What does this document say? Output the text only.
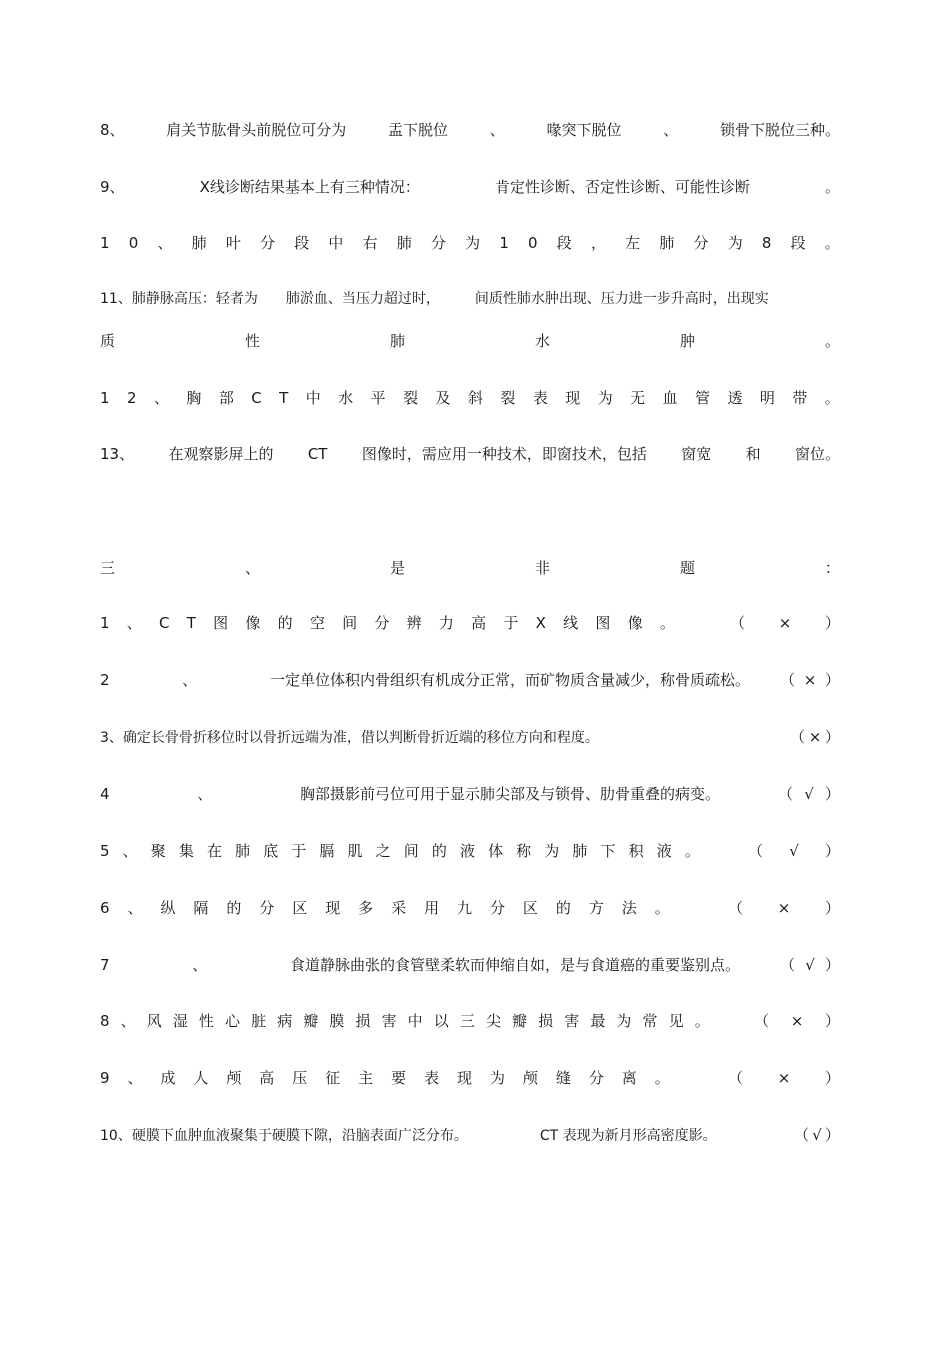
8、	肩关节肱骨头前脱位可分为	盂下脱位	、	喙突下脱位	、	锁骨下脱位三种。
9、	X线诊断结果基本上有三种情况：	肯定性诊断、否定性诊断、可能性诊断	。
1 0 、 肺 叶 分 段 中 右 肺 分 为 1 0 段 ， 左 肺 分 为 8 段 。
11、肺静脉高压：轻者为　　肺淤血、当压力超过时，　　　间质性肺水肿出现、压力进一步升高时，出现实
质	性	肺	水	肿	。
1 2 、 胸 部 C T 中 水 平 裂 及 斜 裂 表 现 为 无 血 管 透 明 带 。
13、 在观察影屏上的 CT 图像时，需应用一种技术，即窗技术，包括 窗宽 和 窗位。
三	、	是	非	题	：
1 、 C T 图 像 的 空 间 分 辨 力 高 于 X 线 图 像 。	（ × ）
2	、	一定单位体积内骨组织有机成分正常，而矿物质含量减少，称骨质疏松。 （ × ）
3、确定长骨骨折移位时以骨折远端为准，借以判断骨折近端的移位方向和程度。	（ × ）
4	、	胸部摄影前弓位可用于显示肺尖部及与锁骨、肋骨重叠的病变。	（ √ ）
5 、 聚 集 在 肺 底 于 膈 肌 之 间 的 液 体 称 为 肺 下 积 液 。	（ √ ）
6 、 纵 隔 的 分 区 现 多 采 用 九 分 区 的 方 法 。	（ × ）
7	、	食道静脉曲张的食管壁柔软而伸缩自如，是与食道癌的重要鉴别点。	（ √ ）
8 、 风 湿 性 心 脏 病 瓣 膜 损 害 中 以 三 尖 瓣 损 害 最 为 常 见 。	（ × ）
9 、 成 人 颅 高 压 征 主 要 表 现 为 颅 缝 分 离 。	（ × ）
10、硬膜下血肿血液聚集于硬膜下隙，沿脑表面广泛分布。	CT 表现为新月形高密度影。	（ √ ）
